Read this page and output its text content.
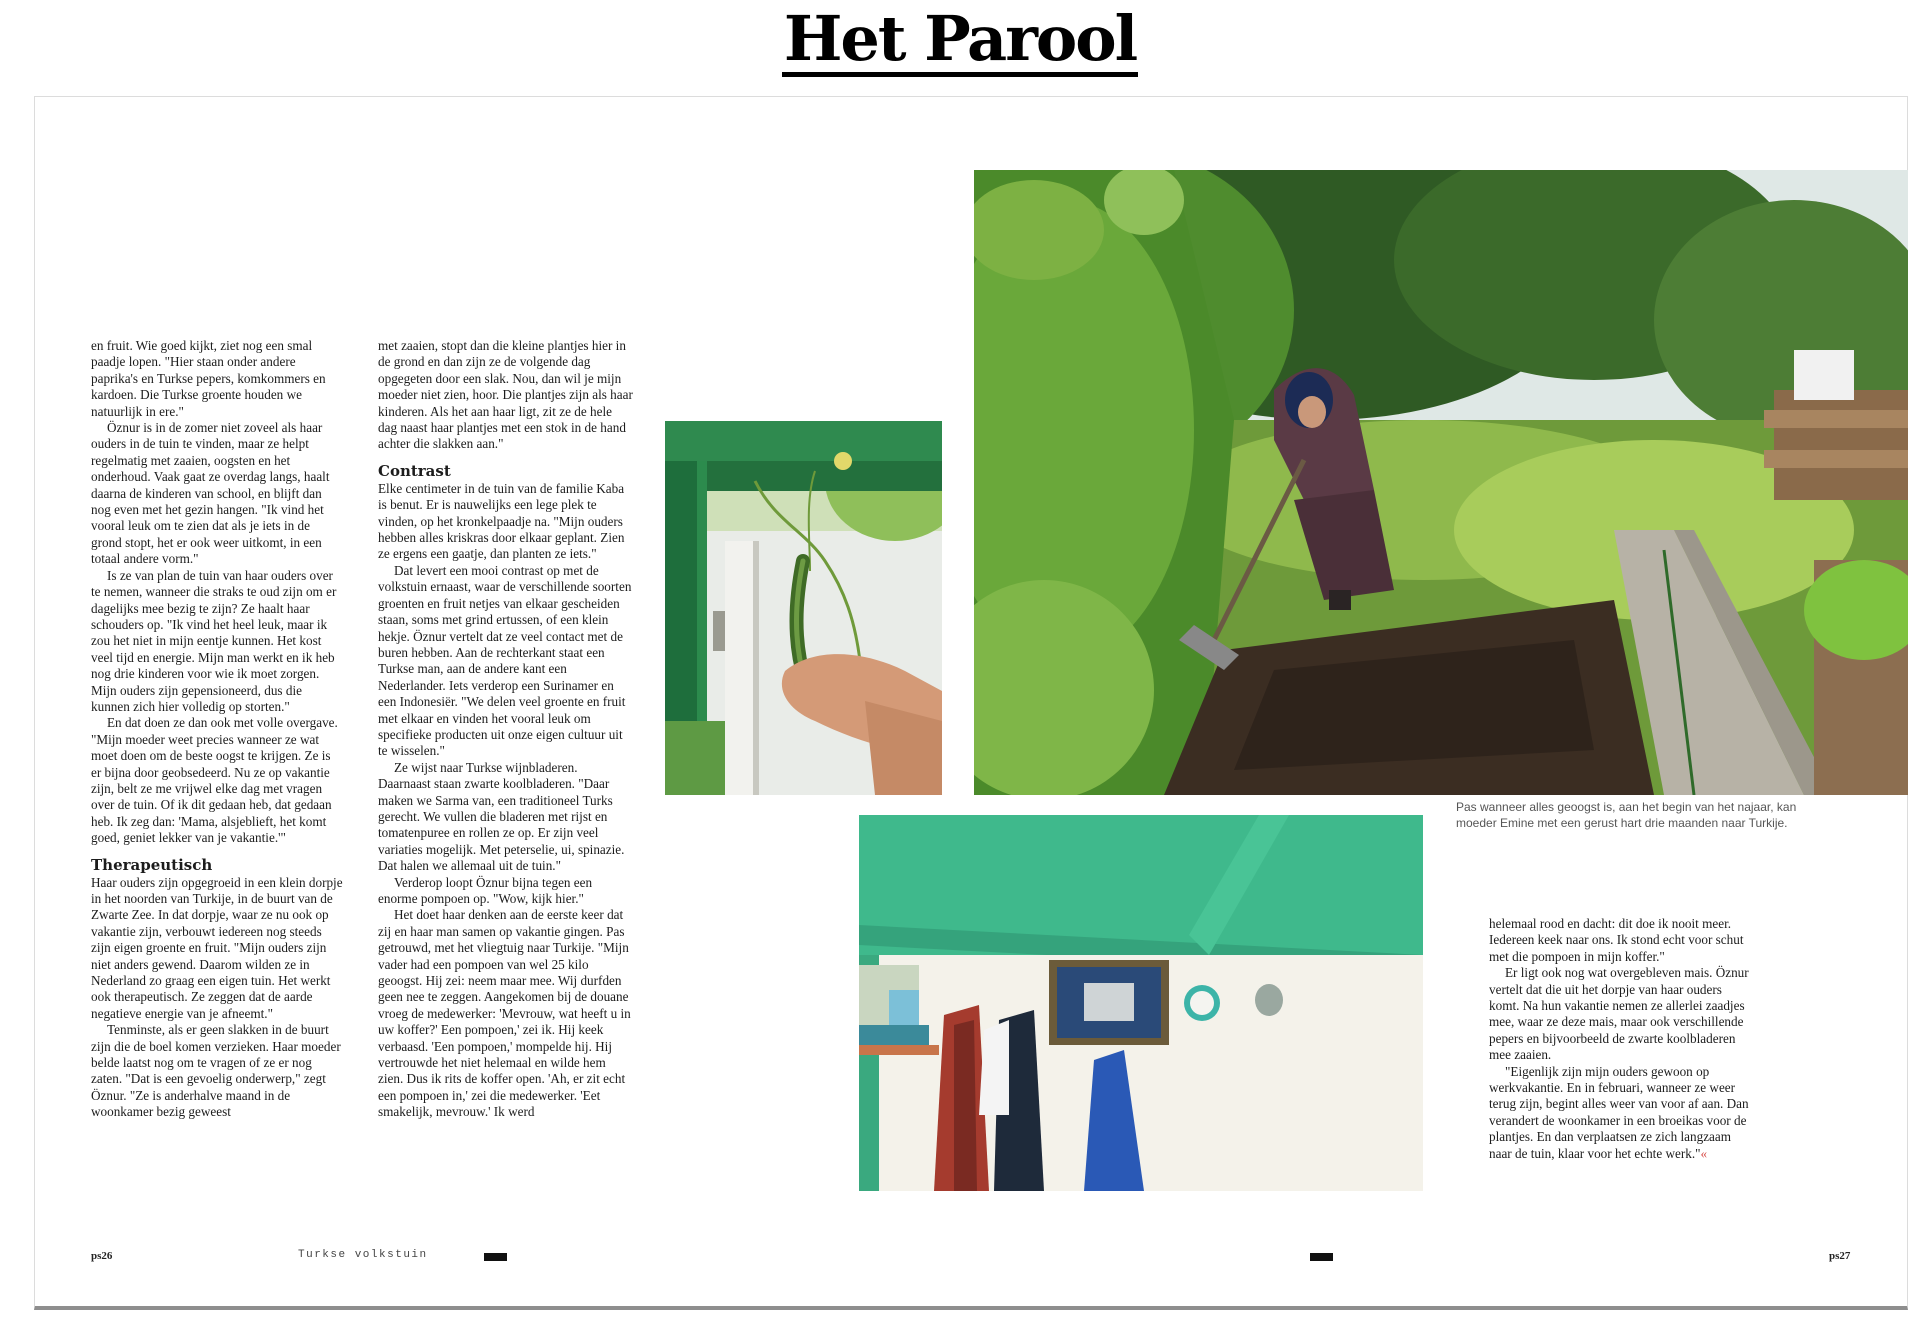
Het Parool

en fruit. Wie goed kijkt, ziet nog een smal paadje lopen. "Hier staan onder andere paprika's en Turkse pepers, komkommers en kardoen. Die Turkse groente houden we natuurlijk in ere."

Öznur is in de zomer niet zoveel als haar ouders in de tuin te vinden, maar ze helpt regelmatig met zaaien, oogsten en het onderhoud. Vaak gaat ze overdag langs, haalt daarna de kinderen van school, en blijft dan nog even met het gezin hangen. "Ik vind het vooral leuk om te zien dat als je iets in de grond stopt, het er ook weer uitkomt, in een totaal andere vorm."

Is ze van plan de tuin van haar ouders over te nemen, wanneer die straks te oud zijn om er dagelijks mee bezig te zijn? Ze haalt haar schouders op. "Ik vind het heel leuk, maar ik zou het niet in mijn eentje kunnen. Het kost veel tijd en energie. Mijn man werkt en ik heb nog drie kinderen voor wie ik moet zorgen. Mijn ouders zijn gepensioneerd, dus die kunnen zich hier volledig op storten."

En dat doen ze dan ook met volle overgave. "Mijn moeder weet precies wanneer ze wat moet doen om de beste oogst te krijgen. Ze is er bijna door geobsedeerd. Nu ze op vakantie zijn, belt ze me vrijwel elke dag met vragen over de tuin. Of ik dit gedaan heb, dat gedaan heb. Ik zeg dan: 'Mama, alsjeblieft, het komt goed, geniet lekker van je vakantie.'"

Therapeutisch

Haar ouders zijn opgegroeid in een klein dorpje in het noorden van Turkije, in de buurt van de Zwarte Zee. In dat dorpje, waar ze nu ook op vakantie zijn, verbouwt iedereen nog steeds zijn eigen groente en fruit. "Mijn ouders zijn niet anders gewend. Daarom wilden ze in Nederland zo graag een eigen tuin. Het werkt ook therapeutisch. Ze zeggen dat de aarde negatieve energie van je afneemt."

Tenminste, als er geen slakken in de buurt zijn die de boel komen verzieken. Haar moeder belde laatst nog om te vragen of ze er nog zaten. "Dat is een gevoelig onderwerp," zegt Öznur. "Ze is anderhalve maand in de woonkamer bezig geweest

met zaaien, stopt dan die kleine plantjes hier in de grond en dan zijn ze de volgende dag opgegeten door een slak. Nou, dan wil je mijn moeder niet zien, hoor. Die plantjes zijn als haar kinderen. Als het aan haar ligt, zit ze de hele dag naast haar plantjes met een stok in de hand achter die slakken aan."

Contrast

Elke centimeter in de tuin van de familie Kaba is benut. Er is nauwelijks een lege plek te vinden, op het kronkelpaadje na. "Mijn ouders hebben alles kriskras door elkaar geplant. Zien ze ergens een gaatje, dan planten ze iets."

Dat levert een mooi contrast op met de volkstuin ernaast, waar de verschillende soorten groenten en fruit netjes van elkaar gescheiden staan, soms met grind ertussen, of een klein hekje. Öznur vertelt dat ze veel contact met de buren hebben. Aan de rechterkant staat een Turkse man, aan de andere kant een Nederlander. Iets verderop een Surinamer en een Indonesiër. "We delen veel groente en fruit met elkaar en vinden het vooral leuk om specifieke producten uit onze eigen cultuur uit te wisselen."

Ze wijst naar Turkse wijnbladeren. Daarnaast staan zwarte koolbladeren. "Daar maken we Sarma van, een traditioneel Turks gerecht. We vullen die bladeren met rijst en tomatenpuree en rollen ze op. Er zijn veel variaties mogelijk. Met peterselie, ui, spinazie. Dat halen we allemaal uit de tuin."

Verderop loopt Öznur bijna tegen een enorme pompoen op. "Wow, kijk hier."

Het doet haar denken aan de eerste keer dat zij en haar man samen op vakantie gingen. Pas getrouwd, met het vliegtuig naar Turkije. "Mijn vader had een pompoen van wel 25 kilo geoogst. Hij zei: neem maar mee. Wij durfden geen nee te zeggen. Aangekomen bij de douane vroeg de medewerker: 'Mevrouw, wat heeft u in uw koffer?' Een pompoen,' zei ik. Hij keek verbaasd. 'Een pompoen,' mompelde hij. Hij vertrouwde het niet helemaal en wilde hem zien. Dus ik rits de koffer open. 'Ah, er zit echt een pompoen in,' zei die medewerker. 'Eet smakelijk, mevrouw.' Ik werd

Pas wanneer alles geoogst is, aan het begin van het najaar, kan moeder Emine met een gerust hart drie maanden naar Turkije.

helemaal rood en dacht: dit doe ik nooit meer. Iedereen keek naar ons. Ik stond echt voor schut met die pompoen in mijn koffer."

Er ligt ook nog wat overgebleven mais. Öznur vertelt dat die uit het dorpje van haar ouders komt. Na hun vakantie nemen ze allerlei zaadjes mee, waar ze deze mais, maar ook verschillende pepers en bijvoorbeeld de zwarte koolbladeren mee zaaien.

"Eigenlijk zijn mijn ouders gewoon op werkvakantie. En in februari, wanneer ze weer terug zijn, begint alles weer van voor af aan. Dan verandert de woonkamer in een broeikas voor de plantjes. En dan verplaatsen ze zich langzaam naar de tuin, klaar voor het echte werk."«

ps26	Turkse volkstuin	ps27
